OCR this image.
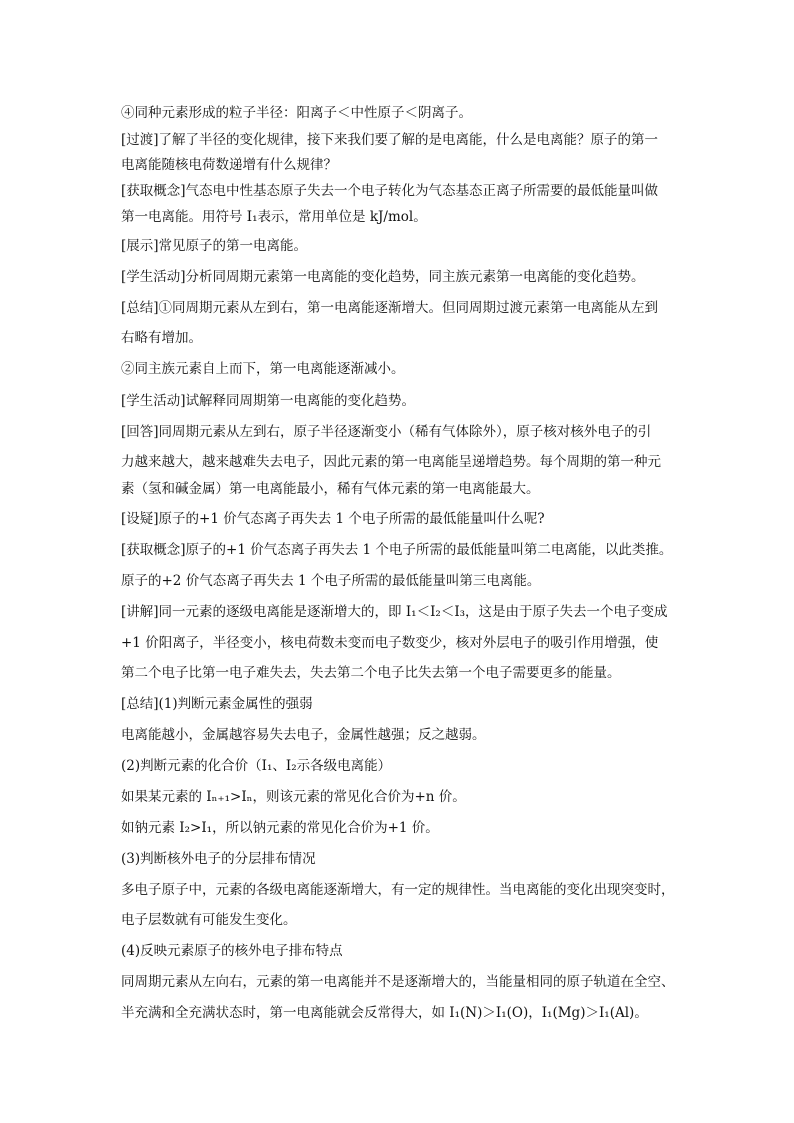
④同种元素形成的粒子半径：阳离子＜中性原子＜阴离子。
[过渡]了解了半径的变化规律，接下来我们要了解的是电离能，什么是电离能？原子的第一
电离能随核电荷数递增有什么规律？
[获取概念]气态电中性基态原子失去一个电子转化为气态基态正离子所需要的最低能量叫做
第一电离能。用符号 I₁表示，常用单位是 kJ/mol。
[展示]常见原子的第一电离能。
[学生活动]分析同周期元素第一电离能的变化趋势，同主族元素第一电离能的变化趋势。
[总结]①同周期元素从左到右，第一电离能逐渐增大。但同周期过渡元素第一电离能从左到
右略有增加。
②同主族元素自上而下，第一电离能逐渐减小。
[学生活动]试解释同周期第一电离能的变化趋势。
[回答]同周期元素从左到右，原子半径逐渐变小（稀有气体除外），原子核对核外电子的引
力越来越大，越来越难失去电子，因此元素的第一电离能呈递增趋势。每个周期的第一种元
素（氢和碱金属）第一电离能最小，稀有气体元素的第一电离能最大。
[设疑]原子的+1 价气态离子再失去 1 个电子所需的最低能量叫什么呢?
[获取概念]原子的+1 价气态离子再失去 1 个电子所需的最低能量叫第二电离能，以此类推。
原子的+2 价气态离子再失去 1 个电子所需的最低能量叫第三电离能。
[讲解]同一元素的逐级电离能是逐渐增大的，即 I₁＜I₂＜I₃，这是由于原子失去一个电子变成
+1 价阳离子，半径变小，核电荷数未变而电子数变少，核对外层电子的吸引作用增强，使
第二个电子比第一电子难失去，失去第二个电子比失去第一个电子需要更多的能量。
[总结](1)判断元素金属性的强弱
电离能越小，金属越容易失去电子，金属性越强；反之越弱。
(2)判断元素的化合价（I₁、I₂示各级电离能）
如果某元素的 Iₙ₊₁>Iₙ，则该元素的常见化合价为+n 价。
如钠元素 I₂>I₁，所以钠元素的常见化合价为+1 价。
(3)判断核外电子的分层排布情况
多电子原子中，元素的各级电离能逐渐增大，有一定的规律性。当电离能的变化出现突变时，
电子层数就有可能发生变化。
(4)反映元素原子的核外电子排布特点
同周期元素从左向右，元素的第一电离能并不是逐渐增大的，当能量相同的原子轨道在全空、
半充满和全充满状态时，第一电离能就会反常得大，如 I₁(N)＞I₁(O)，I₁(Mg)＞I₁(Al)。
